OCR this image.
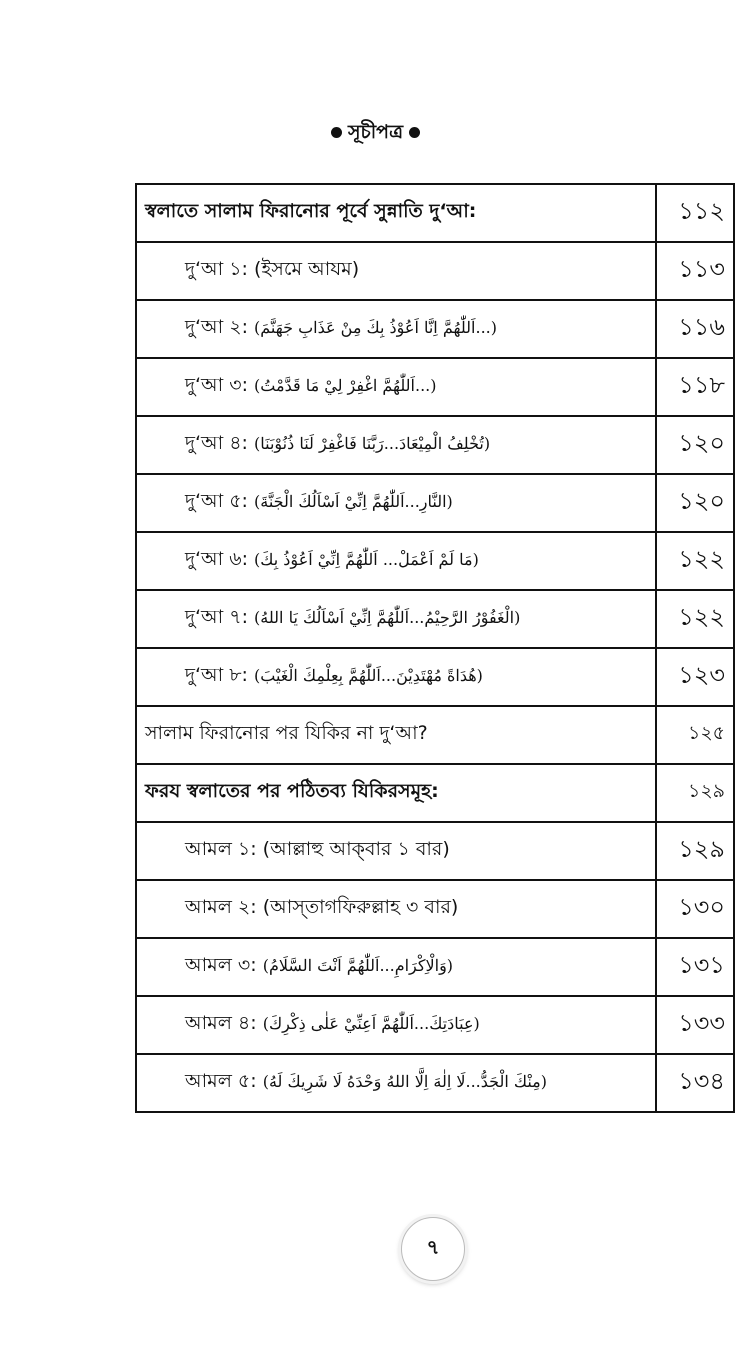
সূচীপত্র
স্বলাতে সালাম ফিরানোর পূর্বে সুন্নাতি দু‘আ:	১১২
দু‘আ ১: (ইসমে আযম)	১১৩
দু‘আ ২: (اَللّٰهُمَّ اِنَّا اَعُوْذُ بِكَ مِنْ عَذَابِ جَهَنَّمَ...)	১১৬
দু‘আ ৩: (اَللّٰهُمَّ اغْفِرْ لِيْ مَا قَدَّمْتُ...)	১১৮
দু‘আ ৪: (تُخْلِفُ الْمِيْعَادَ...رَبَّنَا فَاغْفِرْ لَنَا ذُنُوْبَنَا)	১২০
দু‘আ ৫: (النَّارِ...اَللّٰهُمَّ اِنِّيْ اَسْاَلُكَ الْجَنَّةَ)	১২০
দু‘আ ৬: (مَا لَمْ اَعْمَلْ... اَللّٰهُمَّ اِنِّيْ اَعُوْذُ بِكَ)	১২২
দু‘আ ৭: (الْغَفُوْرُ الرَّحِيْمُ...اَللّٰهُمَّ اِنِّيْ اَسْاَلُكَ يَا اللهُ)	১২২
দু‘আ ৮: (هُدَاةً مُهْتَدِيْنَ...اَللّٰهُمَّ بِعِلْمِكَ الْغَيْبَ)	১২৩
সালাম ফিরানোর পর যিকির না দু‘আ?	১২৫
ফরয স্বলাতের পর পঠিতব্য যিকিরসমূহ:	১২৯
আমল ১: (আল্লাহু আক্‌বার ১ বার)	১২৯
আমল ২: (আস্‌তাগফিরুল্লাহ ৩ বার)	১৩০
আমল ৩: (وَالْاِكْرَامِ...اَللّٰهُمَّ اَنْتَ السَّلَامُ)	১৩১
আমল ৪: (عِبَادَتِكَ...اَللّٰهُمَّ اَعِنِّيْ عَلٰى ذِكْرِكَ)	১৩৩
আমল ৫: (مِنْكَ الْجَدُّ...لَا اِلٰهَ اِلَّا اللهُ وَحْدَهُ لَا شَرِيكَ لَهُ)	১৩৪
৭
